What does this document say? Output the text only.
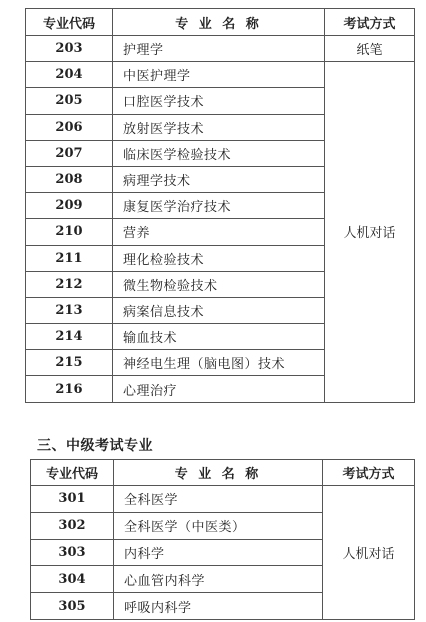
专业代码	专 业 名 称	考试方式
203	护理学	纸笔
204	中医护理学	人机对话
205	口腔医学技术	
206	放射医学技术	
207	临床医学检验技术	
208	病理学技术	
209	康复医学治疗技术	
210	营养	
211	理化检验技术	
212	微生物检验技术	
213	病案信息技术	
214	输血技术	
215	神经电生理（脑电图）技术	
216	心理治疗	
三、中级考试专业
专业代码	专 业 名 称	考试方式
301	全科医学	人机对话
302	全科医学（中医类）	
303	内科学	
304	心血管内科学	
305	呼吸内科学	
